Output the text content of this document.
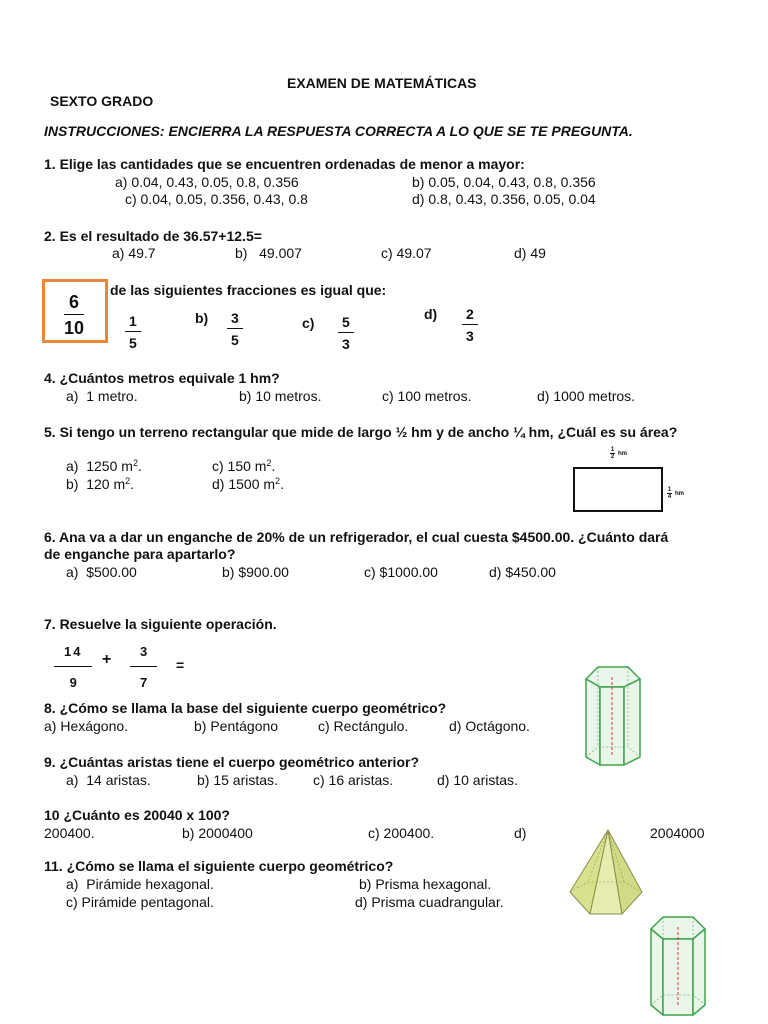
EXAMEN DE MATEMÁTICAS
SEXTO GRADO
INSTRUCCIONES: ENCIERRA LA RESPUESTA CORRECTA A LO QUE SE TE PREGUNTA.
1. Elige las cantidades que se encuentren ordenadas de menor a mayor:
a) 0.04, 0.43, 0.05, 0.8, 0.356	b) 0.05, 0.04, 0.43, 0.8, 0.356
c) 0.04, 0.05, 0.356, 0.43, 0.8	d) 0.8, 0.43, 0.356, 0.05, 0.04
2. Es el resultado de 36.57+12.5=
a) 49.7	b)   49.007	c) 49.07	d) 49
de las siguientes fracciones es igual que:
6
10	1
5
b) 3
5
c) 5
3
d) 2
3
4. ¿Cuántos metros equivale 1 hm?
a)  1 metro.	b) 10 metros.	c) 100 metros.	d) 1000 metros.
5. Si tengo un terreno rectangular que mide de largo ½ hm y de ancho ¼ hm, ¿Cuál es su área?
a)  1250 $m^2$.	c) 150 $m^2$.
b)  120 $m^2$.	d) 1500 $m^2$.
1
2
hm
1
4
hm
6. Ana va a dar un enganche de 20% de un refrigerador, el cual cuesta $4500.00. ¿Cuánto dará
de enganche para apartarlo?
a)  $500.00	b) $900.00	c) $1000.00	d) $450.00
7. Resuelve la siguiente operación.
14
9
+	3
7
=
8. ¿Cómo se llama la base del siguiente cuerpo geométrico?
a) Hexágono.	b) Pentágono	c) Rectángulo.	d) Octágono.
9. ¿Cuántas aristas tiene el cuerpo geométrico anterior?
a)  14 aristas.	b) 15 aristas.	c) 16 aristas.	d) 10 aristas.
10 ¿Cuánto es 20040 x 100?
200400.	b) 2000400	c) 200400.	d)	2004000
11. ¿Cómo se llama el siguiente cuerpo geométrico?
a)  Pirámide hexagonal.	b) Prisma hexagonal.
c) Pirámide pentagonal.	d) Prisma cuadrangular.
